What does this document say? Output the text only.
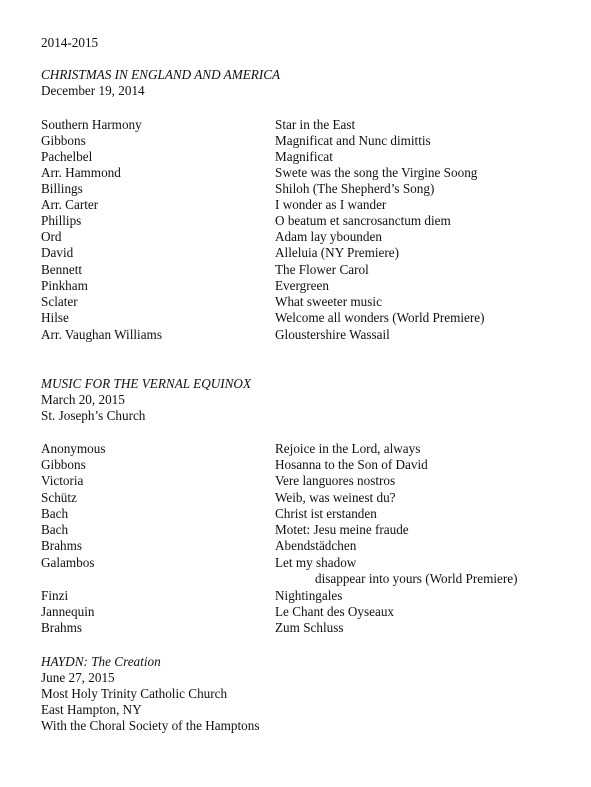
2014-2015
CHRISTMAS IN ENGLAND AND AMERICA
December 19, 2014
Southern Harmony	Star in the East
Gibbons	Magnificat and Nunc dimittis
Pachelbel	Magnificat
Arr. Hammond	Swete was the song the Virgine Soong
Billings	Shiloh (The Shepherd’s Song)
Arr. Carter	I wonder as I wander
Phillips	O beatum et sancrosanctum diem
Ord	Adam lay ybounden
David	Alleluia (NY Premiere)
Bennett	The Flower Carol
Pinkham	Evergreen
Sclater	What sweeter music
Hilse	Welcome all wonders (World Premiere)
Arr. Vaughan Williams	Gloustershire Wassail
MUSIC FOR THE VERNAL EQUINOX
March 20, 2015
St. Joseph’s Church
Anonymous	Rejoice in the Lord, always
Gibbons	Hosanna to the Son of David
Victoria	Vere languores nostros
Schütz	Weib, was weinest du?
Bach	Christ ist erstanden
Bach	Motet: Jesu meine fraude
Brahms	Abendstädchen
Galambos	Let my shadow
disappear into yours (World Premiere)
Finzi	Nightingales
Jannequin	Le Chant des Oyseaux
Brahms	Zum Schluss
HAYDN: The Creation
June 27, 2015
Most Holy Trinity Catholic Church
East Hampton, NY
With the Choral Society of the Hamptons
